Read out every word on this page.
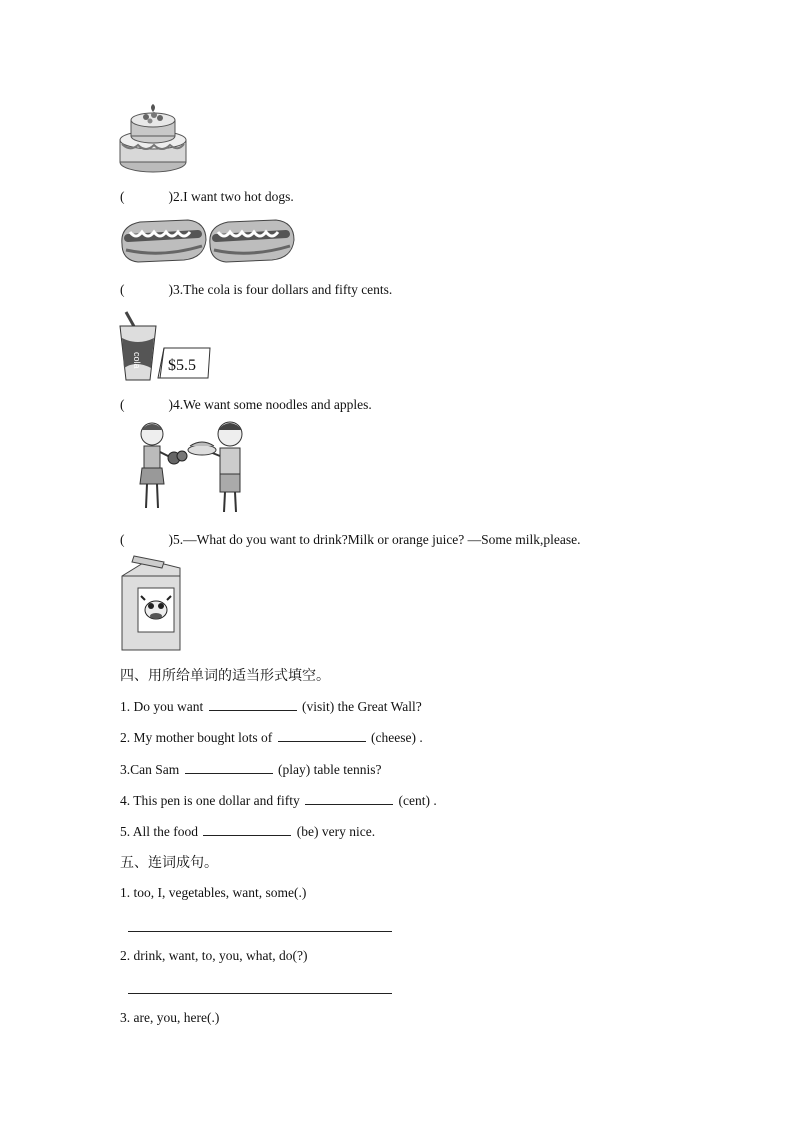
(	)2.I want two hot dogs.
(	)3.The cola is four dollars and fifty cents.
cola $5.5
(	)4.We want some noodles and apples.
(	)5.—What do you want to drink?Milk or orange juice? —Some milk,please.
四、用所给单词的适当形式填空。
1. Do you want	(visit) the Great Wall?
2. My mother bought lots of	(cheese) .
3.Can Sam	(play) table tennis?
4. This pen is one dollar and fifty	(cent) .
5. All the food	(be) very nice.
五、连词成句。
1. too, I, vegetables, want, some(.)
2. drink, want, to, you, what, do(?)
3. are, you, here(.)
